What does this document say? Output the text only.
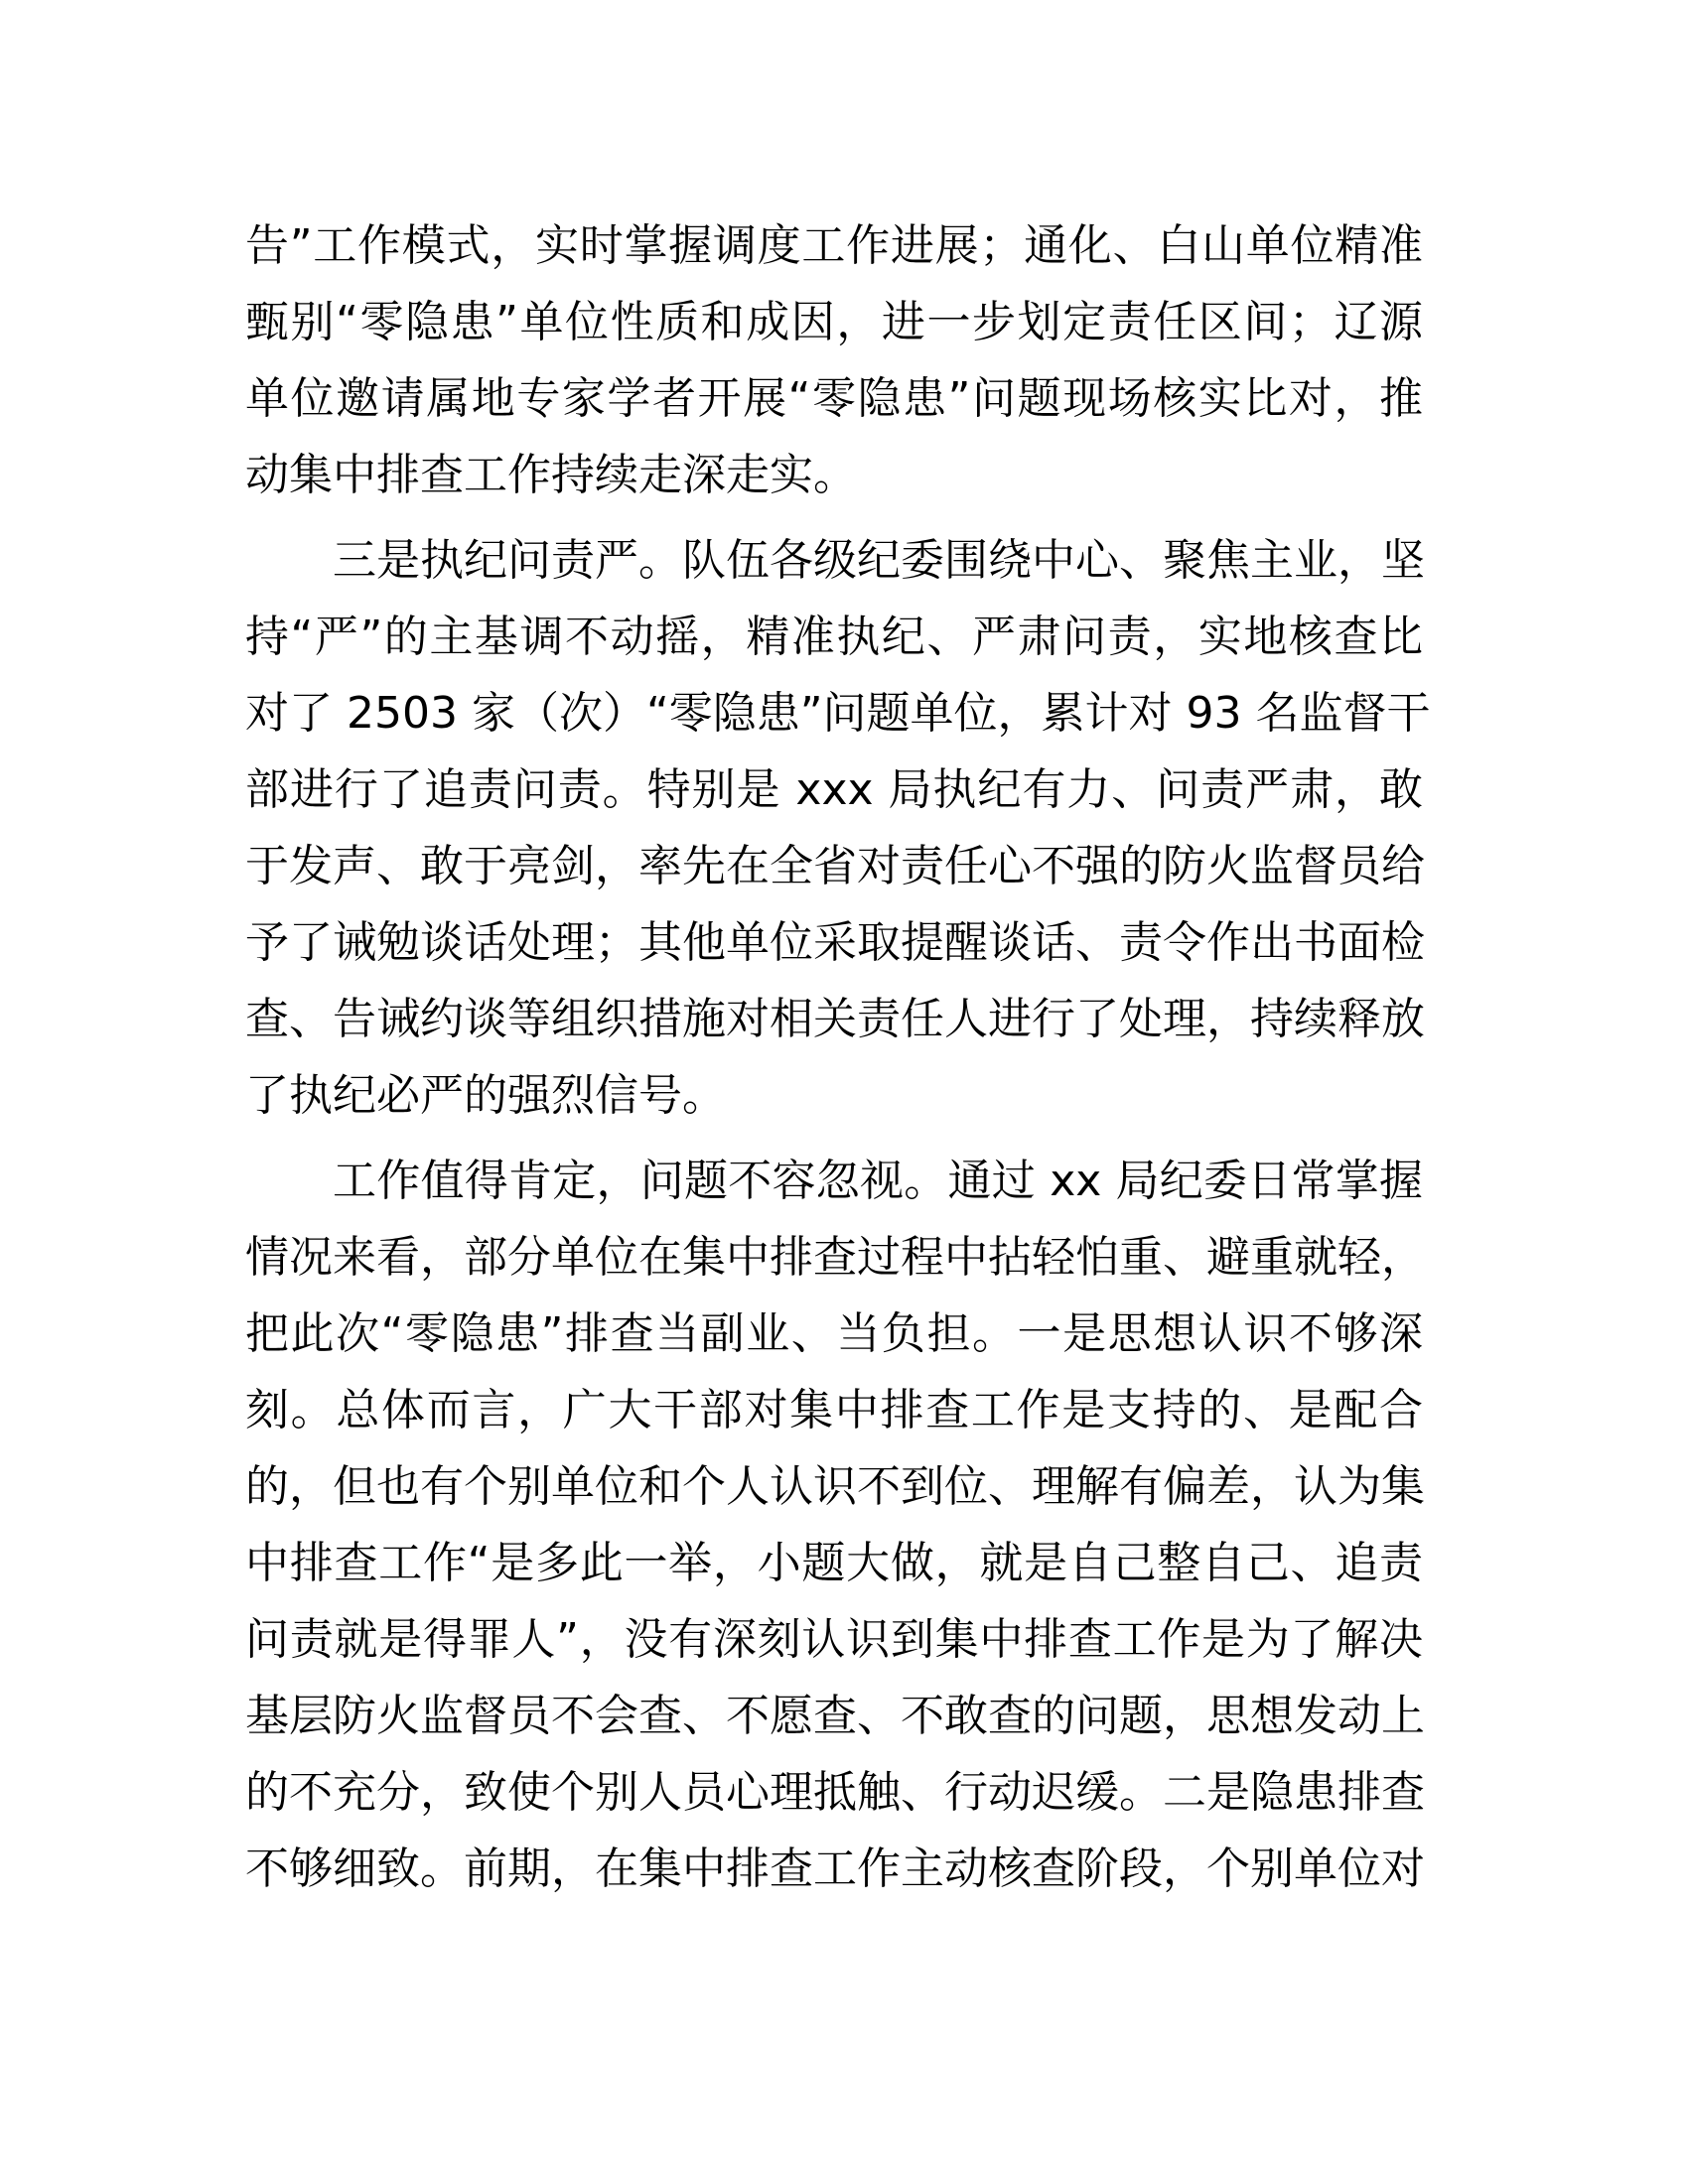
告”工作模式，实时掌握调度工作进展；通化、白山单位精准
甄别“零隐患”单位性质和成因，进一步划定责任区间；辽源
单位邀请属地专家学者开展“零隐患”问题现场核实比对，推
动集中排查工作持续走深走实。
三是执纪问责严。队伍各级纪委围绕中心、聚焦主业，坚
持“严”的主基调不动摇，精准执纪、严肃问责，实地核查比
对了 2503 家（次）“零隐患”问题单位，累计对 93 名监督干
部进行了追责问责。特别是 xxx 局执纪有力、问责严肃，敢
于发声、敢于亮剑，率先在全省对责任心不强的防火监督员给
予了诫勉谈话处理；其他单位采取提醒谈话、责令作出书面检
查、告诫约谈等组织措施对相关责任人进行了处理，持续释放
了执纪必严的强烈信号。
工作值得肯定，问题不容忽视。通过 xx 局纪委日常掌握
情况来看，部分单位在集中排查过程中拈轻怕重、避重就轻，
把此次“零隐患”排查当副业、当负担。一是思想认识不够深
刻。总体而言，广大干部对集中排查工作是支持的、是配合
的，但也有个别单位和个人认识不到位、理解有偏差，认为集
中排查工作“是多此一举，小题大做，就是自己整自己、追责
问责就是得罪人”，没有深刻认识到集中排查工作是为了解决
基层防火监督员不会查、不愿查、不敢查的问题，思想发动上
的不充分，致使个别人员心理抵触、行动迟缓。二是隐患排查
不够细致。前期，在集中排查工作主动核查阶段，个别单位对
